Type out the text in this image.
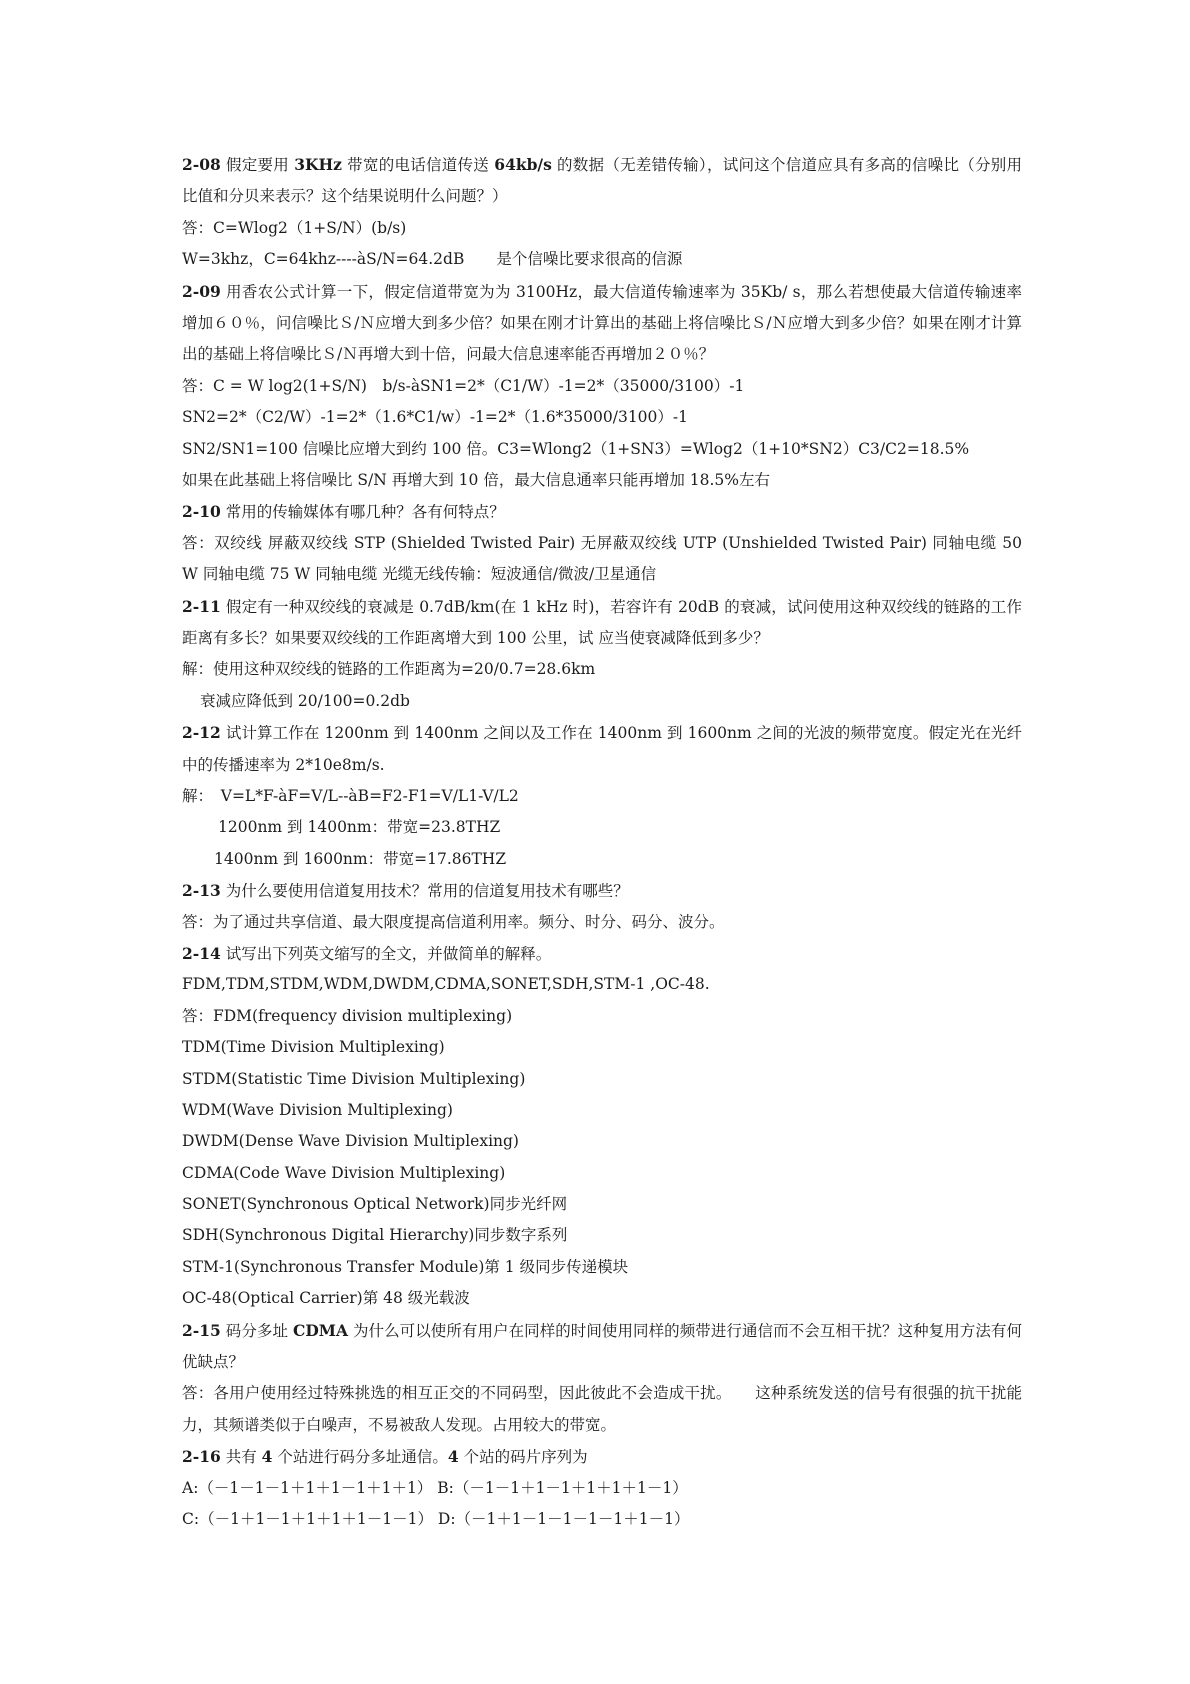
2-08 假定要用 3KHz 带宽的电话信道传送 64kb/s 的数据（无差错传输），试问这个信道应具有多高的信噪比（分别用比值和分贝来表示？这个结果说明什么问题？）
答：C=Wlog2（1+S/N）(b/s)
W=3khz，C=64khz----àS/N=64.2dB 是个信噪比要求很高的信源
2-09 用香农公式计算一下，假定信道带宽为为 3100Hz，最大信道传输速率为 35Kb/ s，那么若想使最大信道传输速率增加６０％，问信噪比Ｓ/Ｎ应增大到多少倍？如果在刚才计算出的基础上将信噪比Ｓ/Ｎ应增大到多少倍？如果在刚才计算出的基础上将信噪比Ｓ/Ｎ再增大到十倍，问最大信息速率能否再增加２０％？
答：C = W log2(1+S/N)　b/s-àSN1=2*（C1/W）-1=2*（35000/3100）-1
SN2=2*（C2/W）-1=2*（1.6*C1/w）-1=2*（1.6*35000/3100）-1
SN2/SN1=100 信噪比应增大到约 100 倍。C3=Wlong2（1+SN3）=Wlog2（1+10*SN2）C3/C2=18.5%
如果在此基础上将信噪比 S/N 再增大到 10 倍，最大信息通率只能再增加 18.5%左右
2-10 常用的传输媒体有哪几种？各有何特点？
答：双绞线 屏蔽双绞线 STP (Shielded Twisted Pair) 无屏蔽双绞线 UTP (Unshielded Twisted Pair) 同轴电缆 50 W 同轴电缆 75 W 同轴电缆 光缆无线传输：短波通信/微波/卫星通信
2-11 假定有一种双绞线的衰减是 0.7dB/km(在 1 kHz 时)，若容许有 20dB 的衰减，试问使用这种双绞线的链路的工作距离有多长？如果要双绞线的工作距离增大到 100 公里，试 应当使衰减降低到多少？
解：使用这种双绞线的链路的工作距离为=20/0.7=28.6km
衰减应降低到 20/100=0.2db
2-12 试计算工作在 1200nm 到 1400nm 之间以及工作在 1400nm 到 1600nm 之间的光波的频带宽度。假定光在光纤中的传播速率为 2*10e8m/s.
解：　V=L*F-àF=V/L--àB=F2-F1=V/L1-V/L2
1200nm 到 1400nm：带宽=23.8THZ
1400nm 到 1600nm：带宽=17.86THZ
2-13 为什么要使用信道复用技术？常用的信道复用技术有哪些？
答：为了通过共享信道、最大限度提高信道利用率。频分、时分、码分、波分。
2-14 试写出下列英文缩写的全文，并做简单的解释。
FDM,TDM,STDM,WDM,DWDM,CDMA,SONET,SDH,STM-1 ,OC-48.
答：FDM(frequency division multiplexing)
TDM(Time Division Multiplexing)
STDM(Statistic Time Division Multiplexing)
WDM(Wave Division Multiplexing)
DWDM(Dense Wave Division Multiplexing)
CDMA(Code Wave Division Multiplexing)
SONET(Synchronous Optical Network)同步光纤网
SDH(Synchronous Digital Hierarchy)同步数字系列
STM-1(Synchronous Transfer Module)第 1 级同步传递模块
OC-48(Optical Carrier)第 48 级光载波
2-15 码分多址 CDMA 为什么可以使所有用户在同样的时间使用同样的频带进行通信而不会互相干扰？这种复用方法有何优缺点？
答：各用户使用经过特殊挑选的相互正交的不同码型，因此彼此不会造成干扰。　　这种系统发送的信号有很强的抗干扰能力，其频谱类似于白噪声，不易被敌人发现。占用较大的带宽。
2-16 共有 4 个站进行码分多址通信。4 个站的码片序列为
A:（－1－1－1＋1＋1－1＋1＋1） B:（－1－1＋1－1＋1＋1＋1－1）
C:（－1＋1－1＋1＋1＋1－1－1） D:（－1＋1－1－1－1－1＋1－1）
